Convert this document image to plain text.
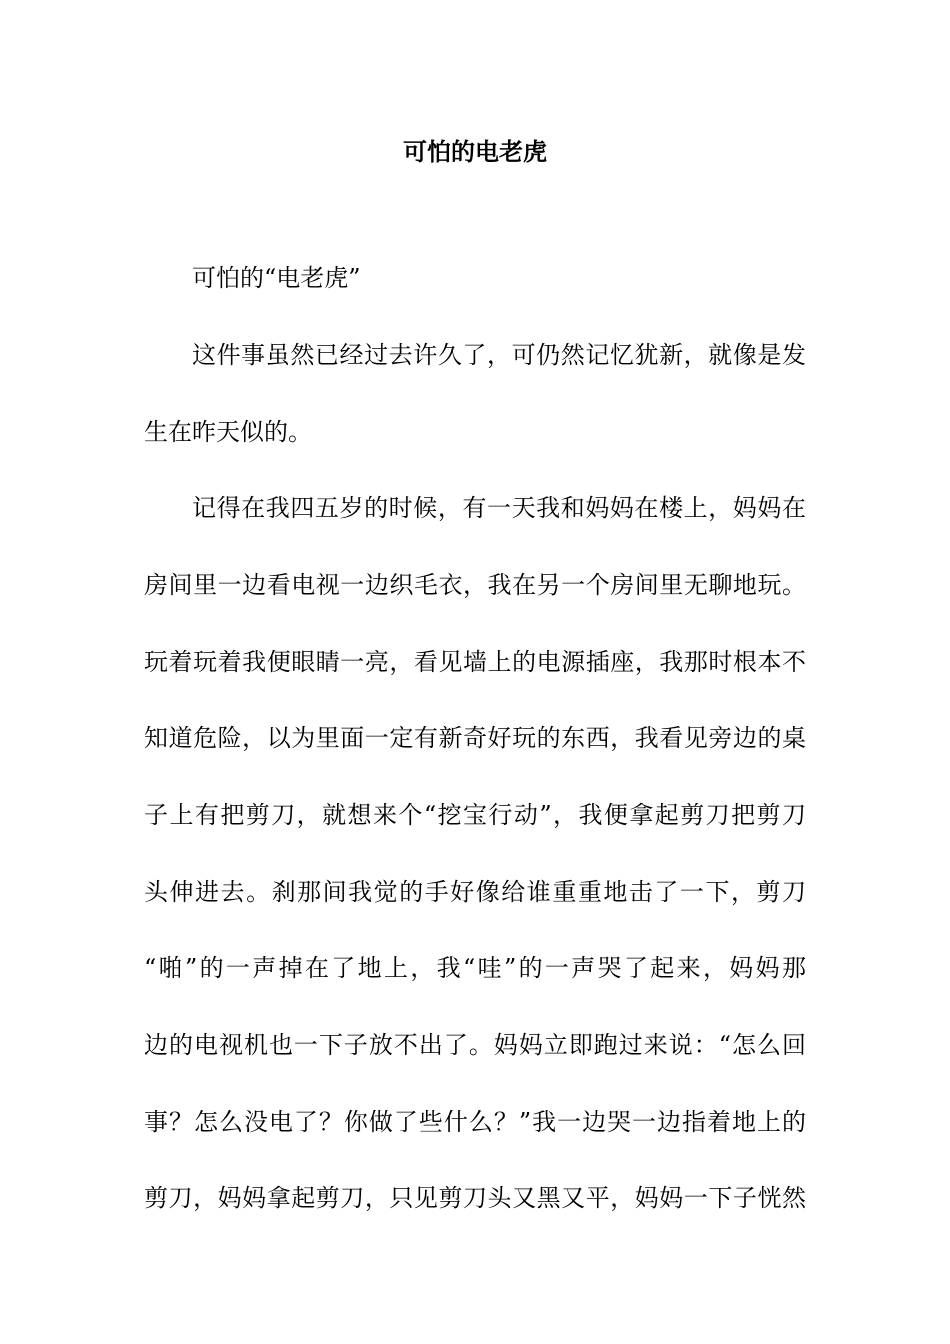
可怕的电老虎
可怕的“电老虎”
这件事虽然已经过去许久了，可仍然记忆犹新，就像是发
生在昨天似的。
记得在我四五岁的时候，有一天我和妈妈在楼上，妈妈在
房间里一边看电视一边织毛衣，我在另一个房间里无聊地玩。
玩着玩着我便眼睛一亮，看见墙上的电源插座，我那时根本不
知道危险，以为里面一定有新奇好玩的东西，我看见旁边的桌
子上有把剪刀，就想来个“挖宝行动”，我便拿起剪刀把剪刀
头伸进去。刹那间我觉的手好像给谁重重地击了一下，剪刀
“啪”的一声掉在了地上，我“哇”的一声哭了起来，妈妈那
边的电视机也一下子放不出了。妈妈立即跑过来说：“怎么回
事？怎么没电了？你做了些什么？”我一边哭一边指着地上的
剪刀，妈妈拿起剪刀，只见剪刀头又黑又平，妈妈一下子恍然
